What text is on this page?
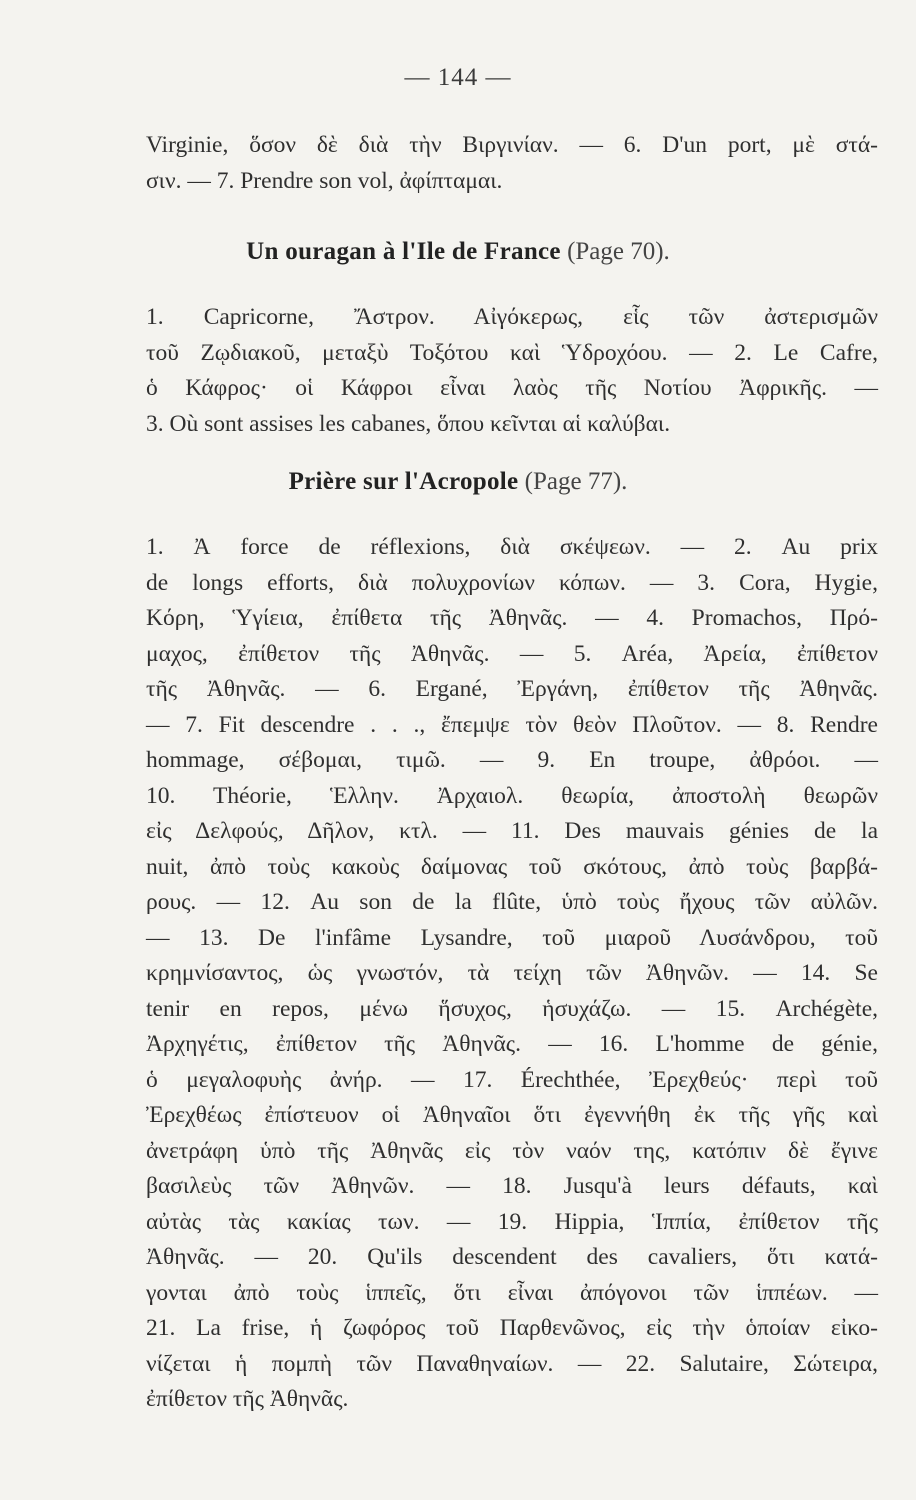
— 144 —
Virginie, ὅσον δὲ διὰ τὴν Βιργινίαν. — 6. D'un port, μὲ στά-
σιν. — 7. Prendre son vol, ἀφίπταμαι.
Un ouragan à l'Ile de France (Page 70).
1. Capricorne, Ἄστρον. Αἰγόκερως, εἷς τῶν ἀστερισμῶν
τοῦ Ζῳδιακοῦ, μεταξὺ Τοξότου καὶ Ὑδροχόου. — 2. Le Cafre,
ὁ Κάφρος· οἱ Κάφροι εἶναι λαὸς τῆς Νοτίου Ἀφρικῆς. —
3. Où sont assises les cabanes, ὅπου κεῖνται αἱ καλύβαι.
Prière sur l'Acropole (Page 77).
1. Ἀ force de réflexions, διὰ σκέψεων. — 2. Au prix
de longs efforts, διὰ πολυχρονίων κόπων. — 3. Cora, Hygie,
Κόρη, Ὑγίεια, ἐπίθετα τῆς Ἀθηνᾶς. — 4. Promachos, Πρό-
μαχος, ἐπίθετον τῆς Ἀθηνᾶς. — 5. Aréa, Ἀρεία, ἐπίθετον
τῆς Ἀθηνᾶς. — 6. Ergané, Ἐργάνη, ἐπίθετον τῆς Ἀθηνᾶς.
— 7. Fit descendre . . ., ἔπεμψε τὸν θεὸν Πλοῦτον. — 8. Rendre
hommage, σέβομαι, τιμῶ. — 9. En troupe, ἀθρόοι. —
10. Théorie, Ἑλλην. Ἀρχαιολ. θεωρία, ἀποστολὴ θεωρῶν
εἰς Δελφούς, Δῆλον, κτλ. — 11. Des mauvais génies de la
nuit, ἀπὸ τοὺς κακοὺς δαίμονας τοῦ σκότους, ἀπὸ τοὺς βαρβά-
ρους. — 12. Au son de la flûte, ὑπὸ τοὺς ἤχους τῶν αὐλῶν.
— 13. De l'infâme Lysandre, τοῦ μιαροῦ Λυσάνδρου, τοῦ
κρημνίσαντος, ὡς γνωστόν, τὰ τείχη τῶν Ἀθηνῶν. — 14. Se
tenir en repos, μένω ἥσυχος, ἡσυχάζω. — 15. Archégète,
Ἀρχηγέτις, ἐπίθετον τῆς Ἀθηνᾶς. — 16. L'homme de génie,
ὁ μεγαλοφυὴς ἀνήρ. — 17. Érechthée, Ἐρεχθεύς· περὶ τοῦ
Ἐρεχθέως ἐπίστευον οἱ Ἀθηναῖοι ὅτι ἐγεννήθη ἐκ τῆς γῆς καὶ
ἀνετράφη ὑπὸ τῆς Ἀθηνᾶς εἰς τὸν ναόν της, κατόπιν δὲ ἔγινε
βασιλεὺς τῶν Ἀθηνῶν. — 18. Jusqu'à leurs défauts, καὶ
αὐτὰς τὰς κακίας των. — 19. Hippia, Ἱππία, ἐπίθετον τῆς
Ἀθηνᾶς. — 20. Qu'ils descendent des cavaliers, ὅτι κατά-
γονται ἀπὸ τοὺς ἱππεῖς, ὅτι εἶναι ἀπόγονοι τῶν ἱππέων. —
21. La frise, ἡ ζωφόρος τοῦ Παρθενῶνος, εἰς τὴν ὁποίαν εἰκο-
νίζεται ἡ πομπὴ τῶν Παναθηναίων. — 22. Salutaire, Σώτειρα,
ἐπίθετον τῆς Ἀθηνᾶς.
